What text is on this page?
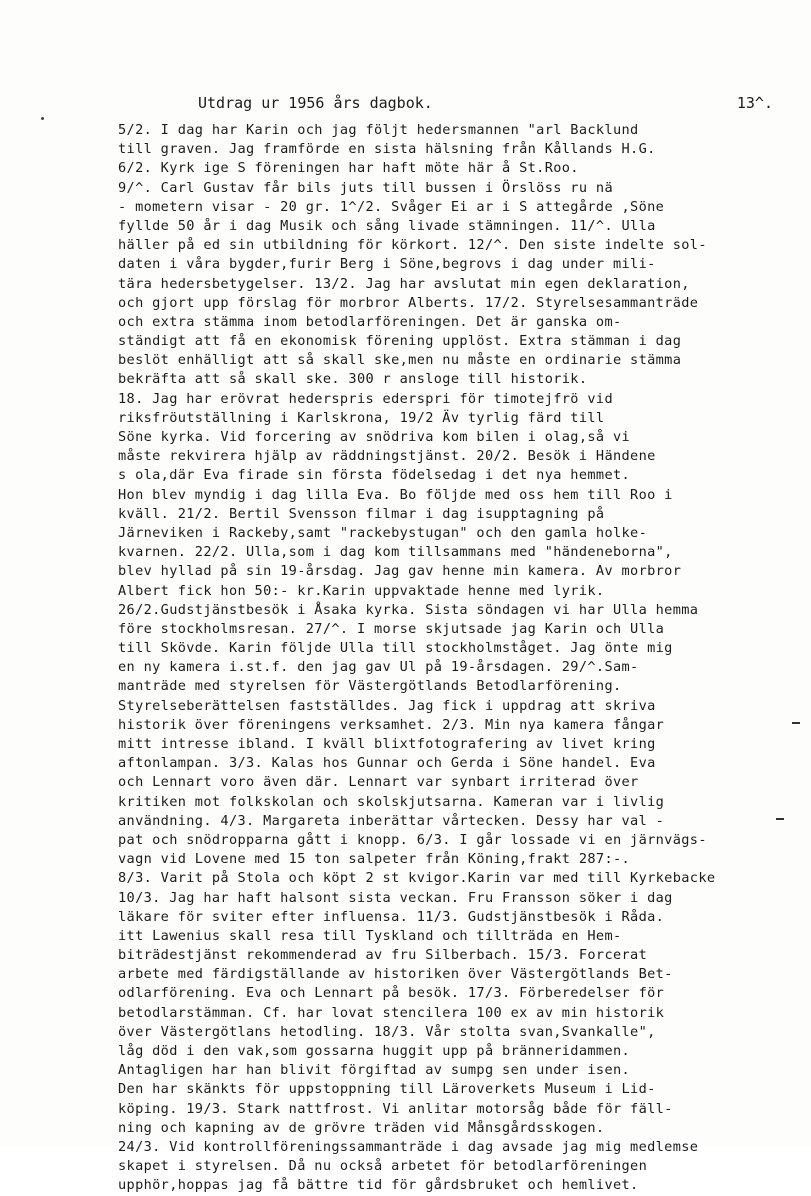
Utdrag ur 1956 års dagbok.	13^.
5/2. I dag har Karin och jag följt hedersmannen "arl Backlund
till graven. Jag framförde en sista hälsning från Kållands H.G.
6/2. Kyrk ige S föreningen har haft möte här å St.Roo.
9/^. Carl Gustav får bils juts till bussen i Örslöss ru nä
- mometern visar - 20 gr. 1^/2. Svåger Ei ar i S attegårde ,Söne
fyllde 50 år i dag Musik och sång livade stämningen. 11/^. Ulla
häller på ed sin utbildning för körkort. 12/^. Den siste indelte sol-
daten i våra bygder,furir Berg i Söne,begrovs i dag under mili-
tära hedersbetygelser. 13/2. Jag har avslutat min egen deklaration,
och gjort upp förslag för morbror Alberts. 17/2. Styrelsesammanträde
och extra stämma inom betodlarföreningen. Det är ganska om-
ständigt att få en ekonomisk förening upplöst. Extra stämman i dag
beslöt enhälligt att så skall ske,men nu måste en ordinarie stämma
bekräfta att så skall ske. 300 r ansloge till historik.
18. Jag har erövrat hederspris ederspri för timotejfrö vid
riksfröutställning i Karlskrona, 19/2 Äv tyrlig färd till
Söne kyrka. Vid forcering av snödriva kom bilen i olag,så vi
måste rekvirera hjälp av räddningstjänst. 20/2. Besök i Händene
s ola,där Eva firade sin första födelsedag i det nya hemmet.
Hon blev myndig i dag lilla Eva. Bo följde med oss hem till Roo i
kväll. 21/2. Bertil Svensson filmar i dag isupptagning på
Järneviken i Rackeby,samt "rackebystugan" och den gamla holke-
kvarnen. 22/2. Ulla,som i dag kom tillsammans med "händeneborna",
blev hyllad på sin 19-årsdag. Jag gav henne min kamera. Av morbror
Albert fick hon 50:- kr.Karin uppvaktade henne med lyrik.
26/2.Gudstjänstbesök i Åsaka kyrka. Sista söndagen vi har Ulla hemma
före stockholmsresan. 27/^. I morse skjutsade jag Karin och Ulla
till Skövde. Karin följde Ulla till stockholmståget. Jag önte mig
en ny kamera i.st.f. den jag gav Ul på 19-årsdagen. 29/^.Sam-
manträde med styrelsen för Västergötlands Betodlarförening.
Styrelseberättelsen fastställdes. Jag fick i uppdrag att skriva
historik över föreningens verksamhet. 2/3. Min nya kamera fångar
mitt intresse ibland. I kväll blixtfotografering av livet kring
aftonlampan. 3/3. Kalas hos Gunnar och Gerda i Söne handel. Eva
och Lennart voro även där. Lennart var synbart irriterad över
kritiken mot folkskolan och skolskjutsarna. Kameran var i livlig
användning. 4/3. Margareta inberättar vårtecken. Dessy har val -
pat och snödropparna gått i knopp. 6/3. I går lossade vi en järnvägs-
vagn vid Lovene med 15 ton salpeter från Köning,frakt 287:-.
8/3. Varit på Stola och köpt 2 st kvigor.Karin var med till Kyrkebacke
10/3. Jag har haft halsont sista veckan. Fru Fransson söker i dag
läkare för sviter efter influensa. 11/3. Gudstjänstbesök i Råda.
itt Lawenius skall resa till Tyskland och tillträda en Hem-
biträdestjänst rekommenderad av fru Silberbach. 15/3. Forcerat
arbete med färdigställande av historiken över Västergötlands Bet-
odlarförening. Eva och Lennart på besök. 17/3. Förberedelser för
betodlarstämman. Cf. har lovat stencilera 100 ex av min historik
över Västergötlans hetodling. 18/3. Vår stolta svan,Svankalle",
låg död i den vak,som gossarna huggit upp på bränneridammen.
Antagligen har han blivit förgiftad av sumpg sen under isen.
Den har skänkts för uppstoppning till Läroverkets Museum i Lid-
köping. 19/3. Stark nattfrost. Vi anlitar motorsåg både för fäll-
ning och kapning av de grövre träden vid Månsgårdsskogen.
24/3. Vid kontrollföreningssammanträde i dag avsade jag mig medlemse
skapet i styrelsen. Då nu också arbetet för betodlarföreningen
upphör,hoppas jag få bättre tid för gårdsbruket och hemlivet.
